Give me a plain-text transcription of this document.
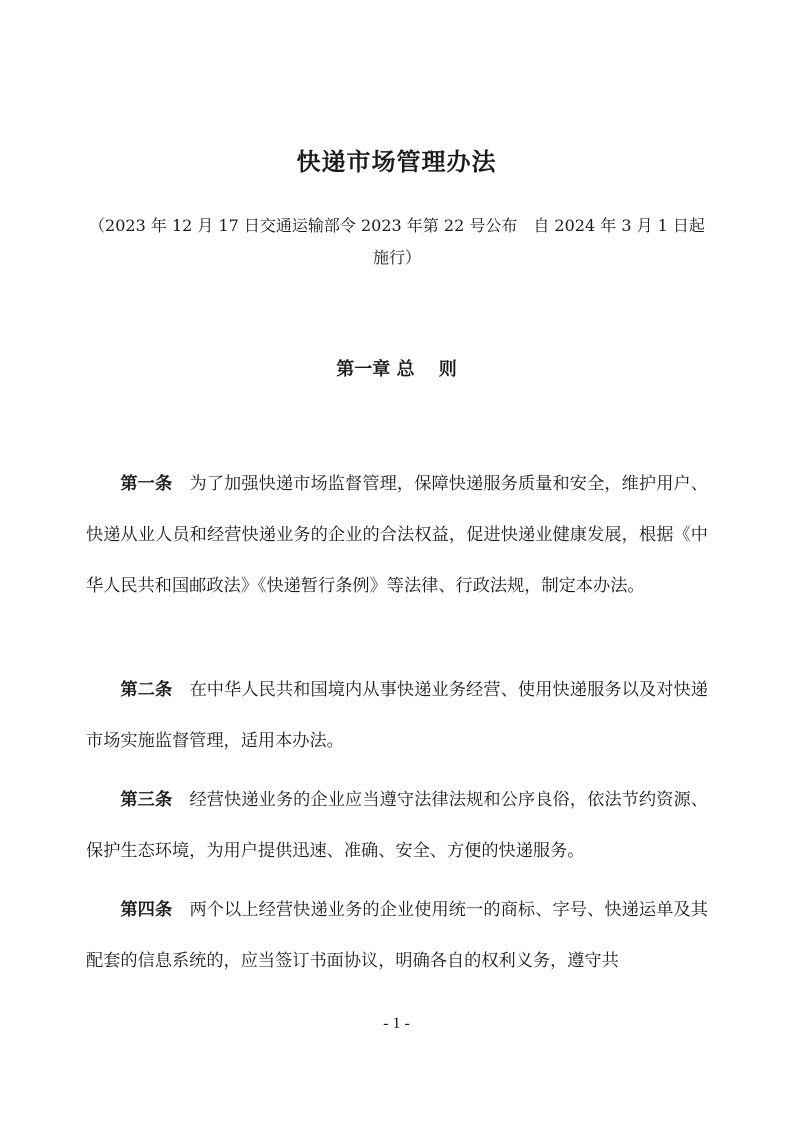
快递市场管理办法
（2023 年 12 月 17 日交通运输部令 2023 年第 22 号公布　自 2024 年 3 月 1 日起施行）
第一章 总　 则

第一条 为了加强快递市场监督管理，保障快递服务质量和安全，维护用户、快递从业人员和经营快递业务的企业的合法权益，促进快递业健康发展，根据《中华人民共和国邮政法》《快递暂行条例》等法律、行政法规，制定本办法。

第二条 在中华人民共和国境内从事快递业务经营、使用快递服务以及对快递市场实施监督管理，适用本办法。

第三条 经营快递业务的企业应当遵守法律法规和公序良俗，依法节约资源、保护生态环境，为用户提供迅速、准确、安全、方便的快递服务。

第四条 两个以上经营快递业务的企业使用统一的商标、字号、快递运单及其配套的信息系统的，应当签订书面协议，明确各自的权利义务，遵守共

- 1 -
